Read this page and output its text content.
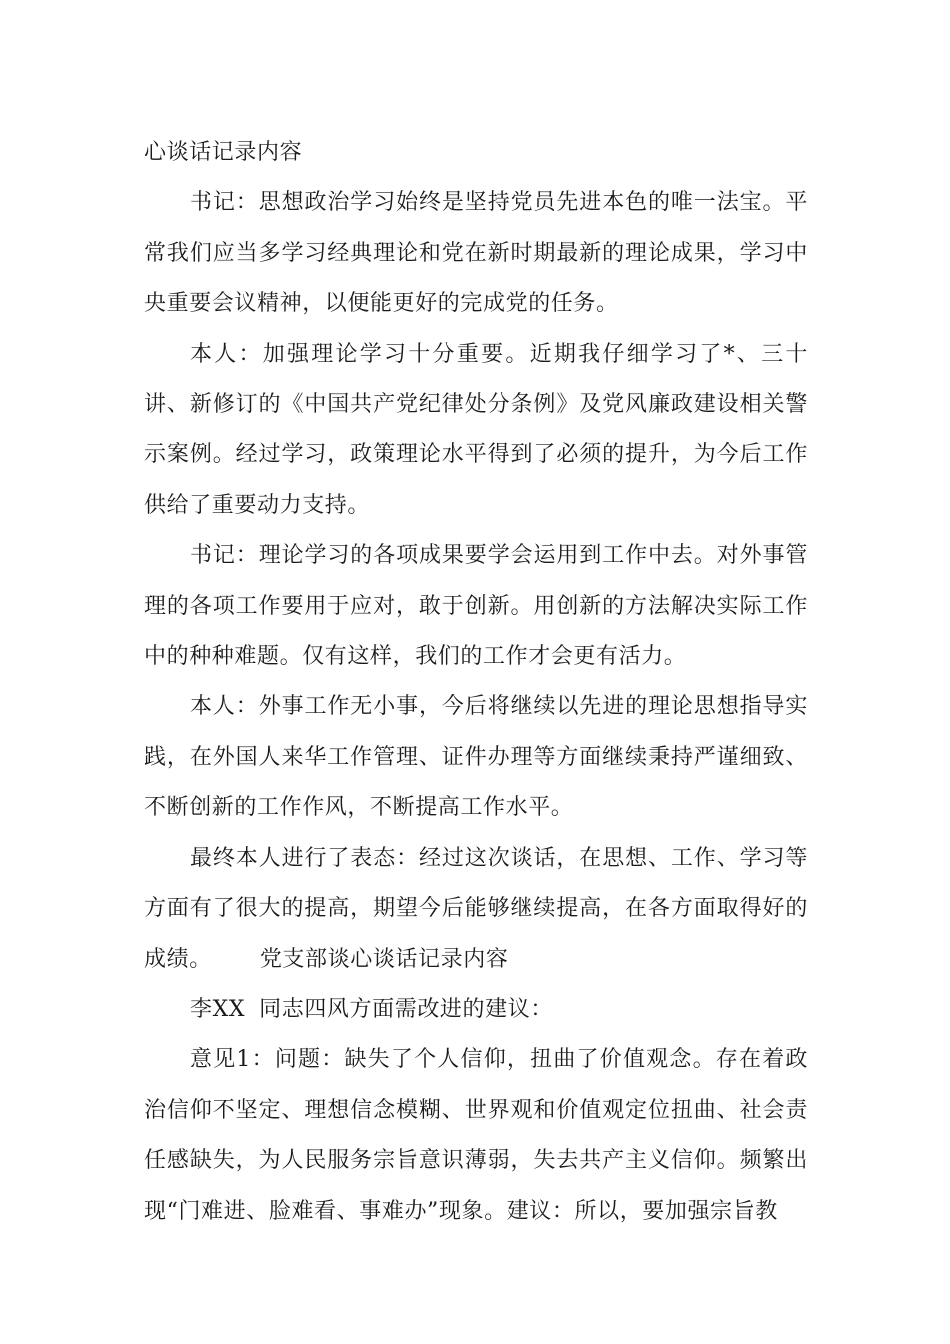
心谈话记录内容

书记：思想政治学习始终是坚持党员先进本色的唯一法宝。平常我们应当多学习经典理论和党在新时期最新的理论成果，学习中央重要会议精神，以便能更好的完成党的任务。

本人：加强理论学习十分重要。近期我仔细学习了*、三十讲、新修订的《中国共产党纪律处分条例》及党风廉政建设相关警示案例。经过学习，政策理论水平得到了必须的提升，为今后工作供给了重要动力支持。

书记：理论学习的各项成果要学会运用到工作中去。对外事管理的各项工作要用于应对，敢于创新。用创新的方法解决实际工作中的种种难题。仅有这样，我们的工作才会更有活力。

本人：外事工作无小事，今后将继续以先进的理论思想指导实践，在外国人来华工作管理、证件办理等方面继续秉持严谨细致、不断创新的工作作风，不断提高工作水平。

最终本人进行了表态：经过这次谈话，在思想、工作、学习等方面有了很大的提高，期望今后能够继续提高，在各方面取得好的成绩。 党支部谈心谈话记录内容

李XX 同志四风方面需改进的建议：

意见1：问题：缺失了个人信仰，扭曲了价值观念。存在着政治信仰不坚定、理想信念模糊、世界观和价值观定位扭曲、社会责任感缺失，为人民服务宗旨意识薄弱，失去共产主义信仰。频繁出现“门难进、脸难看、事难办”现象。建议：所以，要加强宗旨教
